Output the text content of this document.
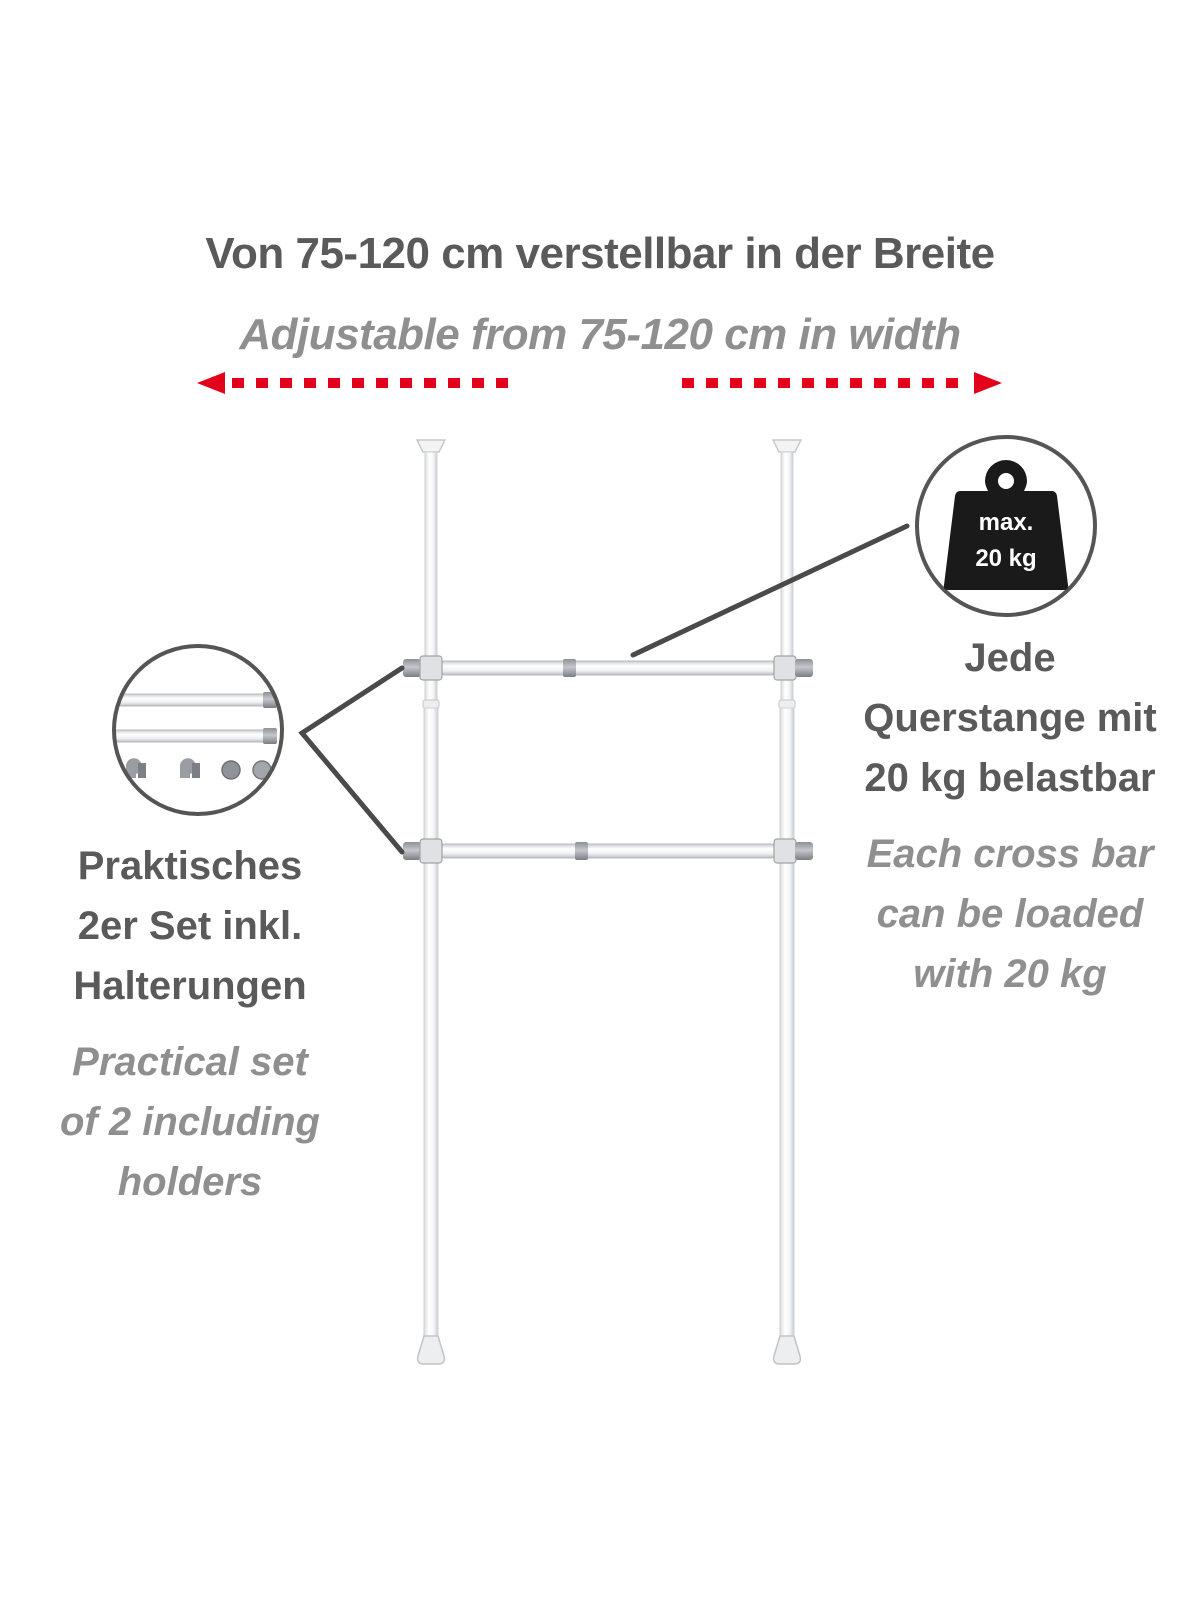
max.
20 kg

Von 75-120 cm verstellbar in der Breite

Adjustable from 75-120 cm in width

Praktisches
2er Set inkl.
Halterungen
Practical set
of 2 including
holders
Jede
Querstange mit
20 kg belastbar
Each cross bar
can be loaded
with 20 kg
